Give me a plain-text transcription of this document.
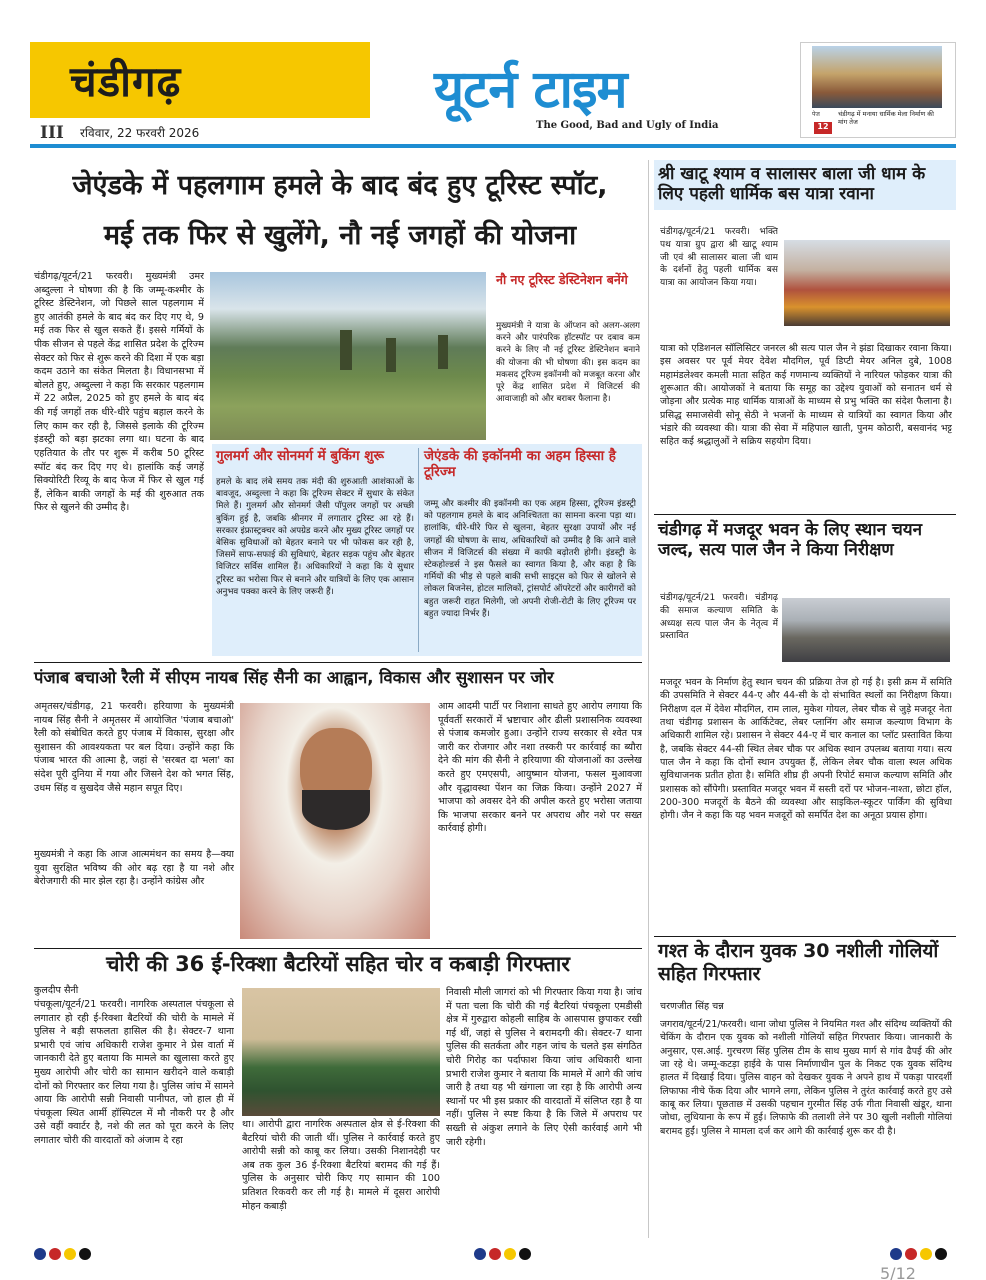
चंडीगढ़	यूटर्न टाइम
The Good, Bad and Ugly of India
III रविवार, 22 फरवरी 2026
पेज	चंडीगढ़ में मनाया धार्मिक मेला निर्माण की मांग तेज
12
जेएंडके में पहलगाम हमले के बाद बंद हुए टूरिस्ट स्पॉट,
मई तक फिर से खुलेंगे, नौ नई जगहों की योजना

चंडीगढ़/यूटर्न/21 फरवरी। मुख्यमंत्री उमर अब्दुल्ला ने घोषणा की है कि जम्मू-कश्मीर के टूरिस्ट डेस्टिनेशन, जो पिछले साल पहलगाम में हुए आतंकी हमले के बाद बंद कर दिए गए थे, 9 मई तक फिर से खुल सकते हैं। इससे गर्मियों के पीक सीजन से पहले केंद्र शासित प्रदेश के टूरिज्म सेक्टर को फिर से शुरू करने की दिशा में एक बड़ा कदम उठाने का संकेत मिलता है। विधानसभा में बोलते हुए, अब्दुल्ला ने कहा कि सरकार पहलगाम में 22 अप्रैल, 2025 को हुए हमले के बाद बंद की गई जगहों तक धीरे-धीरे पहुंच बहाल करने के लिए काम कर रही है, जिससे इलाके की टूरिज्म इंडस्ट्री को बड़ा झटका लगा था। घटना के बाद एहतियात के तौर पर शुरू में करीब 50 टूरिस्ट स्पॉट बंद कर दिए गए थे। हालांकि कई जगहें सिक्योरिटी रिव्यू के बाद फेज में फिर से खुल गई हैं, लेकिन बाकी जगहों के मई की शुरुआत तक फिर से खुलने की उम्मीद है।

नौ नए टूरिस्ट डेस्टिनेशन बनेंगे

मुख्यमंत्री ने यात्रा के ऑप्शन को अलग-अलग करने और पारंपरिक हॉटस्पॉट पर दबाव कम करने के लिए नौ नई टूरिस्ट डेस्टिनेशन बनाने की योजना की भी घोषणा की। इस कदम का मकसद टूरिज्म इकॉनमी को मजबूत करना और पूरे केंद्र शासित प्रदेश में विजिटर्स की आवाजाही को और बराबर फैलाना है।

गुलमर्ग और सोनमर्ग में बुकिंग शुरू

हमले के बाद लंबे समय तक मंदी की शुरुआती आशंकाओं के बावजूद, अब्दुल्ला ने कहा कि टूरिज्म सेक्टर में सुधार के संकेत मिले हैं। गुलमर्ग और सोनमर्ग जैसी पॉपुलर जगहों पर अच्छी बुकिंग हुई है, जबकि श्रीनगर में लगातार टूरिस्ट आ रहे हैं। सरकार इंफ्रास्ट्रक्चर को अपग्रेड करने और मुख्य टूरिस्ट जगहों पर बेसिक सुविधाओं को बेहतर बनाने पर भी फोकस कर रही है, जिसमें साफ-सफाई की सुविधाएं, बेहतर सड़क पहुंच और बेहतर विजिटर सर्विस शामिल हैं। अधिकारियों ने कहा कि ये सुधार टूरिस्ट का भरोसा फिर से बनाने और यात्रियों के लिए एक आसान अनुभव पक्का करने के लिए जरूरी हैं।

जेएंडके की इकॉनमी का अहम हिस्सा है टूरिज्म

जम्मू और कश्मीर की इकॉनमी का एक अहम हिस्सा, टूरिज्म इंडस्ट्री को पहलगाम हमले के बाद अनिश्चितता का सामना करना पड़ा था। हालांकि, धीरे-धीरे फिर से खुलना, बेहतर सुरक्षा उपायों और नई जगहों की घोषणा के साथ, अधिकारियों को उम्मीद है कि आने वाले सीजन में विजिटर्स की संख्या में काफी बढ़ोतरी होगी। इंडस्ट्री के स्टेकहोल्डर्स ने इस फैसले का स्वागत किया है, और कहा है कि गर्मियों की भीड़ से पहले बाकी सभी साइट्स को फिर से खोलने से लोकल बिजनेस, होटल मालिकों, ट्रांसपोर्ट ऑपरेटरों और कारीगरों को बहुत जरूरी राहत मिलेगी, जो अपनी रोजी-रोटी के लिए टूरिज्म पर बहुत ज्यादा निर्भर हैं।

पंजाब बचाओ रैली में सीएम नायब सिंह सैनी का आह्वान, विकास और सुशासन पर जोर

अमृतसर/चंडीगढ़, 21 फरवरी। हरियाणा के मुख्यमंत्री नायब सिंह सैनी ने अमृतसर में आयोजित 'पंजाब बचाओ' रैली को संबोधित करते हुए पंजाब में विकास, सुरक्षा और सुशासन की आवश्यकता पर बल दिया। उन्होंने कहा कि पंजाब भारत की आत्मा है, जहां से 'सरबत दा भला' का संदेश पूरी दुनिया में गया और जिसने देश को भगत सिंह, उधम सिंह व सुखदेव जैसे महान सपूत दिए।

मुख्यमंत्री ने कहा कि आज आत्ममंथन का समय है—क्या युवा सुरक्षित भविष्य की ओर बढ़ रहा है या नशे और बेरोजगारी की मार झेल रहा है। उन्होंने कांग्रेस और

आम आदमी पार्टी पर निशाना साधते हुए आरोप लगाया कि पूर्ववर्ती सरकारों में भ्रष्टाचार और ढीली प्रशासनिक व्यवस्था से पंजाब कमजोर हुआ। उन्होंने राज्य सरकार से श्वेत पत्र जारी कर रोजगार और नशा तस्करी पर कार्रवाई का ब्यौरा देने की मांग की सैनी ने हरियाणा की योजनाओं का उल्लेख करते हुए एमएसपी, आयुष्मान योजना, फसल मुआवजा और वृद्धावस्था पेंशन का जिक्र किया। उन्होंने 2027 में भाजपा को अवसर देने की अपील करते हुए भरोसा जताया कि भाजपा सरकार बनने पर अपराध और नशे पर सख्त कार्रवाई होगी।

चोरी की 36 ई-रिक्शा बैटरियों सहित चोर व कबाड़ी गिरफ्तार
कुलदीप सैनी

पंचकूला/यूटर्न/21 फरवरी। नागरिक अस्पताल पंचकूला से लगातार हो रही ई-रिक्शा बैटरियों की चोरी के मामले में पुलिस ने बड़ी सफलता हासिल की है। सेक्टर-7 थाना प्रभारी एवं जांच अधिकारी राजेश कुमार ने प्रेस वार्ता में जानकारी देते हुए बताया कि मामले का खुलासा करते हुए मुख्य आरोपी और चोरी का सामान खरीदने वाले कबाड़ी दोनों को गिरफ्तार कर लिया गया है। पुलिस जांच में सामने आया कि आरोपी सन्नी निवासी पानीपत, जो हाल ही में पंचकूला स्थित आर्मी हॉस्पिटल में मौ नौकरी पर है और उसे वहीं क्वार्टर है, नशे की लत को पूरा करने के लिए लगातार चोरी की वारदातों को अंजाम दे रहा

था। आरोपी द्वारा नागरिक अस्पताल क्षेत्र से ई-रिक्शा की बैटरियां चोरी की जाती थीं। पुलिस ने कार्रवाई करते हुए आरोपी सन्नी को काबू कर लिया। उसकी निशानदेही पर अब तक कुल 36 ई-रिक्शा बैटरियां बरामद की गई हैं। पुलिस के अनुसार चोरी किए गए सामान की 100 प्रतिशत रिकवरी कर ली गई है। मामले में दूसरा आरोपी मोहन कबाड़ी

निवासी मौली जागरां को भी गिरफ्तार किया गया है। जांच में पता चला कि चोरी की गई बैटरियां पंचकूला एमडीसी क्षेत्र में गुरुद्वारा कोहली साहिब के आसपास छुपाकर रखी गई थीं, जहां से पुलिस ने बरामदगी की। सेक्टर-7 थाना पुलिस की सतर्कता और गहन जांच के चलते इस संगठित चोरी गिरोह का पर्दाफाश किया जांच अधिकारी थाना प्रभारी राजेश कुमार ने बताया कि मामले में आगे की जांच जारी है तथा यह भी खंगाला जा रहा है कि आरोपी अन्य स्थानों पर भी इस प्रकार की वारदातों में संलिप्त रहा है या नहीं। पुलिस ने स्पष्ट किया है कि जिले में अपराध पर सख्ती से अंकुश लगाने के लिए ऐसी कार्रवाई आगे भी जारी रहेगी।

श्री खाटू श्याम व सालासर बाला जी धाम के लिए पहली धार्मिक बस यात्रा रवाना

चंडीगढ़/यूटर्न/21 फरवरी। भक्ति पथ यात्रा ग्रुप द्वारा श्री खाटू श्याम जी एवं श्री सालासर बाला जी धाम के दर्शनों हेतु पहली धार्मिक बस यात्रा का आयोजन किया गया।

यात्रा को एडिशनल सॉलिसिटर जनरल श्री सत्य पाल जैन ने झंडा दिखाकर रवाना किया। इस अवसर पर पूर्व मेयर देवेश मौदगिल, पूर्व डिप्टी मेयर अनिल दुबे, 1008 महामंडलेश्वर कमली माता सहित कई गणमान्य व्यक्तियों ने नारियल फोड़कर यात्रा की शुरूआत की। आयोजकों ने बताया कि समूह का उद्देश्य युवाओं को सनातन धर्म से जोड़ना और प्रत्येक माह धार्मिक यात्राओं के माध्यम से प्रभु भक्ति का संदेश फैलाना है। प्रसिद्ध समाजसेवी सोनू सेठी ने भजनों के माध्यम से यात्रियों का स्वागत किया और भंडारे की व्यवस्था की। यात्रा की सेवा में महिपाल खाती, पुनम कोठारी, बसवानंद भट्ट सहित कई श्रद्धालुओं ने सक्रिय सहयोग दिया।

चंडीगढ़ में मजदूर भवन के लिए स्थान चयन जल्द, सत्य पाल जैन ने किया निरीक्षण

चंडीगढ़/यूटर्न/21 फरवरी। चंडीगढ़ की समाज कल्याण समिति के अध्यक्ष सत्य पाल जैन के नेतृत्व में प्रस्तावित

मजदूर भवन के निर्माण हेतु स्थान चयन की प्रक्रिया तेज हो गई है। इसी क्रम में समिति की उपसमिति ने सेक्टर 44-ए और 44-सी के दो संभावित स्थलों का निरीक्षण किया। निरीक्षण दल में देवेश मौदगिल, राम लाल, मुकेश गोयल, लेबर चौक से जुड़े मजदूर नेता तथा चंडीगढ़ प्रशासन के आर्किटेक्ट, लेबर प्लानिंग और समाज कल्याण विभाग के अधिकारी शामिल रहे। प्रशासन ने सेक्टर 44-ए में चार कनाल का प्लॉट प्रस्तावित किया है, जबकि सेक्टर 44-सी स्थित लेबर चौक पर अधिक स्थान उपलब्ध बताया गया। सत्य पाल जैन ने कहा कि दोनों स्थान उपयुक्त हैं, लेकिन लेबर चौक वाला स्थल अधिक सुविधाजनक प्रतीत होता है। समिति शीघ्र ही अपनी रिपोर्ट समाज कल्याण समिति और प्रशासक को सौंपेगी। प्रस्तावित मजदूर भवन में सस्ती दरों पर भोजन-नाश्ता, छोटा हॉल, 200-300 मजदूरों के बैठने की व्यवस्था और साइकिल-स्कूटर पार्किंग की सुविधा होगी। जैन ने कहा कि यह भवन मजदूरों को समर्पित देश का अनूठा प्रयास होगा।

गश्त के दौरान युवक 30 नशीली गोलियों सहित गिरफ्तार
चरणजीत सिंह चन्न

जगराव/यूटर्न/21/फरवरी। थाना जोधा पुलिस ने नियमित गश्त और संदिग्ध व्यक्तियों की चेकिंग के दौरान एक युवक को नशीली गोलियों सहित गिरफ्तार किया। जानकारी के अनुसार, एस.आई. गुरचरण सिंह पुलिस टीम के साथ मुख्य मार्ग से गांव ढैपई की ओर जा रहे थे। जम्मू-कटड़ा हाईवे के पास निर्माणाधीन पुल के निकट एक युवक संदिग्ध हालत में दिखाई दिया। पुलिस वाहन को देखकर युवक ने अपने हाथ में पकड़ा पारदर्शी लिफाफा नीचे फेंक दिया और भागने लगा, लेकिन पुलिस ने तुरंत कार्रवाई करते हुए उसे काबू कर लिया। पूछताछ में उसकी पहचान गुरमीत सिंह उर्फ गीता निवासी खंडूर, थाना जोधा, लुधियाना के रूप में हुई। लिफाफे की तलाशी लेने पर 30 खुली नशीली गोलियां बरामद हुईं। पुलिस ने मामला दर्ज कर आगे की कार्रवाई शुरू कर दी है।

5/12
